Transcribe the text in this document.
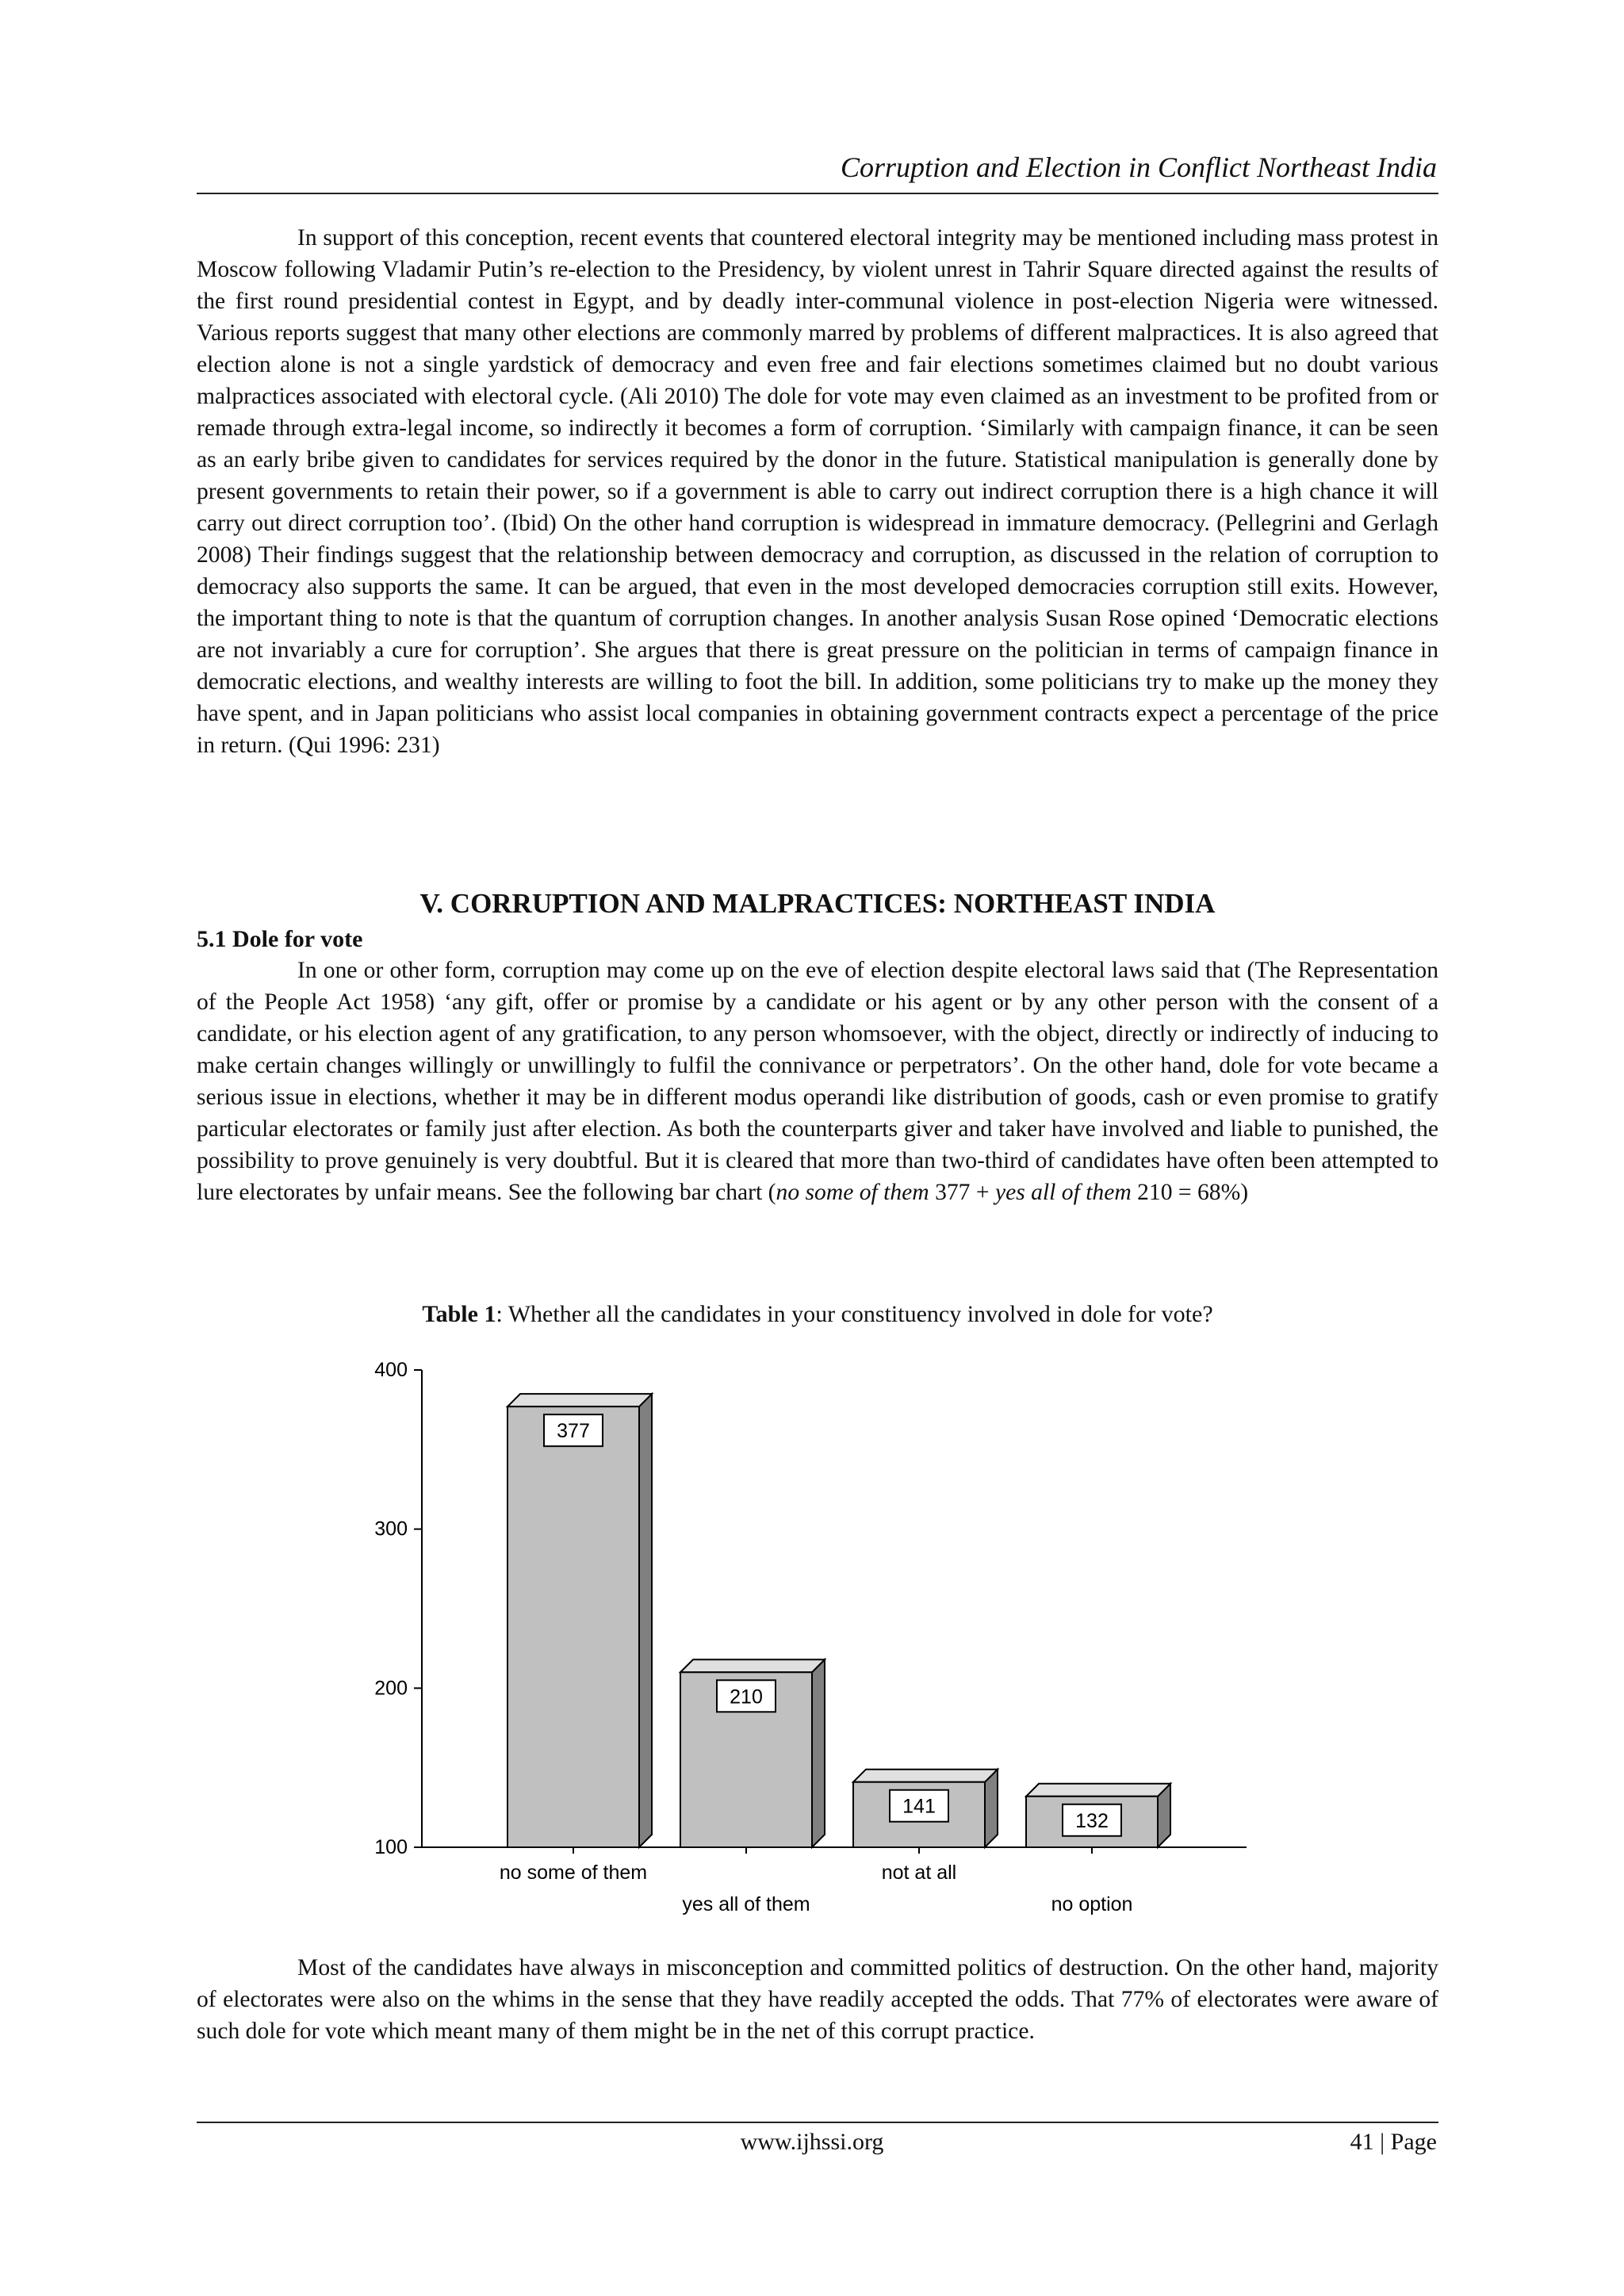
Corruption and Election in Conflict Northeast India

In support of this conception, recent events that countered electoral integrity may be mentioned including mass protest in Moscow following Vladamir Putin’s re-election to the Presidency, by violent unrest in Tahrir Square directed against the results of the first round presidential contest in Egypt, and by deadly inter-communal violence in post-election Nigeria were witnessed. Various reports suggest that many other elections are commonly marred by problems of different malpractices. It is also agreed that election alone is not a single yardstick of democracy and even free and fair elections sometimes claimed but no doubt various malpractices associated with electoral cycle. (Ali 2010) The dole for vote may even claimed as an investment to be profited from or remade through extra-legal income, so indirectly it becomes a form of corruption. ‘Similarly with campaign finance, it can be seen as an early bribe given to candidates for services required by the donor in the future. Statistical manipulation is generally done by present governments to retain their power, so if a government is able to carry out indirect corruption there is a high chance it will carry out direct corruption too’. (Ibid) On the other hand corruption is widespread in immature democracy. (Pellegrini and Gerlagh 2008) Their findings suggest that the relationship between democracy and corruption, as discussed in the relation of corruption to democracy also supports the same. It can be argued, that even in the most developed democracies corruption still exits. However, the important thing to note is that the quantum of corruption changes. In another analysis Susan Rose opined ‘Democratic elections are not invariably a cure for corruption’. She argues that there is great pressure on the politician in terms of campaign finance in democratic elections, and wealthy interests are willing to foot the bill. In addition, some politicians try to make up the money they have spent, and in Japan politicians who assist local companies in obtaining government contracts expect a percentage of the price in return. (Qui 1996: 231)

V. CORRUPTION AND MALPRACTICES: NORTHEAST INDIA
5.1 Dole for vote

In one or other form, corruption may come up on the eve of election despite electoral laws said that (The Representation of the People Act 1958) ‘any gift, offer or promise by a candidate or his agent or by any other person with the consent of a candidate, or his election agent of any gratification, to any person whomsoever, with the object, directly or indirectly of inducing to make certain changes willingly or unwillingly to fulfil the connivance or perpetrators’. On the other hand, dole for vote became a serious issue in elections, whether it may be in different modus operandi like distribution of goods, cash or even promise to gratify particular electorates or family just after election. As both the counterparts giver and taker have involved and liable to punished, the possibility to prove genuinely is very doubtful. But it is cleared that more than two-third of candidates have often been attempted to lure electorates by unfair means. See the following bar chart (no some of them 377 + yes all of them 210 = 68%)

Table 1: Whether all the candidates in your constituency involved in dole for vote?
100
200
300
400
377
no some of them
210
yes all of them
141
not at all
132
no option

Most of the candidates have always in misconception and committed politics of destruction. On the other hand, majority of electorates were also on the whims in the sense that they have readily accepted the odds. That 77% of electorates were aware of such dole for vote which meant many of them might be in the net of this corrupt practice.

www.ijhssi.org	41 | Page
